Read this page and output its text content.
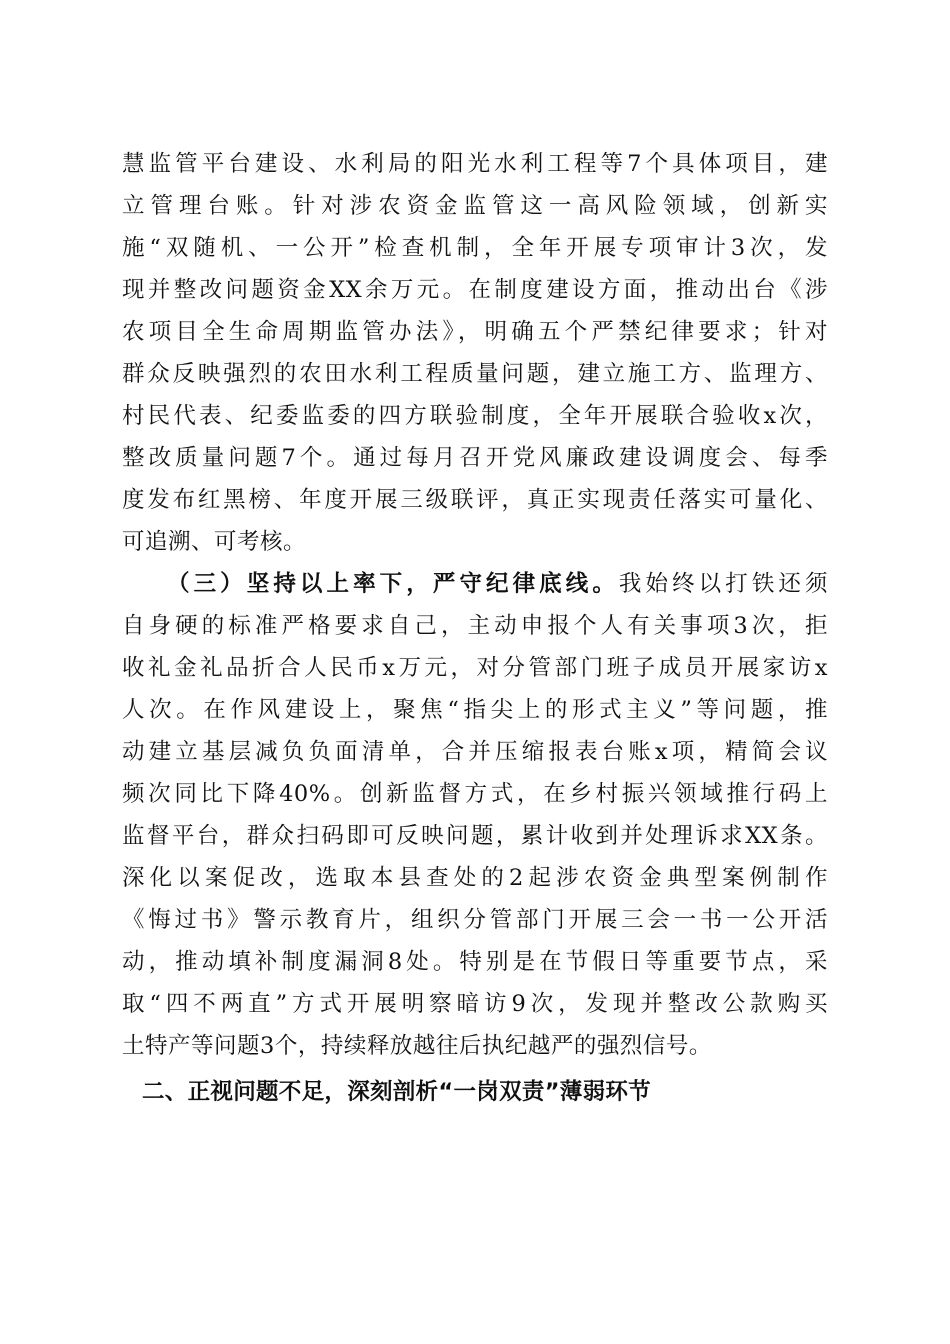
慧监管平台建设、水利局的阳光水利工程等7个具体项目，建
立管理台账。针对涉农资金监管这一高风险领域，创新实
施“双随机、一公开”检查机制，全年开展专项审计3次，发
现并整改问题资金XX余万元。在制度建设方面，推动出台《涉
农项目全生命周期监管办法》，明确五个严禁纪律要求；针对
群众反映强烈的农田水利工程质量问题，建立施工方、监理方、
村民代表、纪委监委的四方联验制度，全年开展联合验收x次，
整改质量问题7个。通过每月召开党风廉政建设调度会、每季
度发布红黑榜、年度开展三级联评，真正实现责任落实可量化、
可追溯、可考核。
（三）坚持以上率下，严守纪律底线。我始终以打铁还须
自身硬的标准严格要求自己，主动申报个人有关事项3次，拒
收礼金礼品折合人民币x万元，对分管部门班子成员开展家访x
人次。在作风建设上，聚焦“指尖上的形式主义”等问题，推
动建立基层减负负面清单，合并压缩报表台账x项，精简会议
频次同比下降40%。创新监督方式，在乡村振兴领域推行码上
监督平台，群众扫码即可反映问题，累计收到并处理诉求XX条。
深化以案促改，选取本县查处的2起涉农资金典型案例制作
《悔过书》警示教育片，组织分管部门开展三会一书一公开活
动，推动填补制度漏洞8处。特别是在节假日等重要节点，采
取“四不两直”方式开展明察暗访9次，发现并整改公款购买
土特产等问题3个，持续释放越往后执纪越严的强烈信号。
二、正视问题不足，深刻剖析“一岗双责”薄弱环节
